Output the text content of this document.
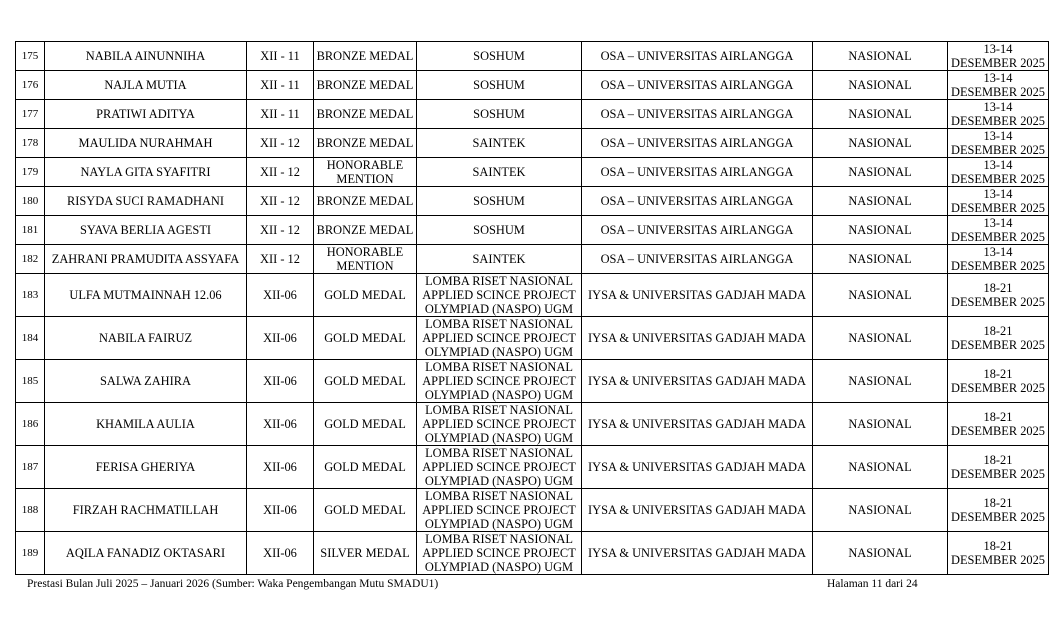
175	NABILA AINUNNIHA	XII - 11	BRONZE MEDAL	SOSHUM	OSA – UNIVERSITAS AIRLANGGA	NASIONAL	13-14 DESEMBER 2025
176	NAJLA MUTIA	XII - 11	BRONZE MEDAL	SOSHUM	OSA – UNIVERSITAS AIRLANGGA	NASIONAL	13-14 DESEMBER 2025
177	PRATIWI ADITYA	XII - 11	BRONZE MEDAL	SOSHUM	OSA – UNIVERSITAS AIRLANGGA	NASIONAL	13-14 DESEMBER 2025
178	MAULIDA NURAHMAH	XII - 12	BRONZE MEDAL	SAINTEK	OSA – UNIVERSITAS AIRLANGGA	NASIONAL	13-14 DESEMBER 2025
179	NAYLA GITA SYAFITRI	XII - 12	HONORABLE MENTION	SAINTEK	OSA – UNIVERSITAS AIRLANGGA	NASIONAL	13-14 DESEMBER 2025
180	RISYDA SUCI RAMADHANI	XII - 12	BRONZE MEDAL	SOSHUM	OSA – UNIVERSITAS AIRLANGGA	NASIONAL	13-14 DESEMBER 2025
181	SYAVA BERLIA AGESTI	XII - 12	BRONZE MEDAL	SOSHUM	OSA – UNIVERSITAS AIRLANGGA	NASIONAL	13-14 DESEMBER 2025
182	ZAHRANI PRAMUDITA ASSYAFA	XII - 12	HONORABLE MENTION	SAINTEK	OSA – UNIVERSITAS AIRLANGGA	NASIONAL	13-14 DESEMBER 2025
183	ULFA MUTMAINNAH 12.06	XII-06	GOLD MEDAL	LOMBA RISET NASIONAL APPLIED SCINCE PROJECT OLYMPIAD (NASPO) UGM	IYSA & UNIVERSITAS GADJAH MADA	NASIONAL	18-21 DESEMBER 2025
184	NABILA FAIRUZ	XII-06	GOLD MEDAL	LOMBA RISET NASIONAL APPLIED SCINCE PROJECT OLYMPIAD (NASPO) UGM	IYSA & UNIVERSITAS GADJAH MADA	NASIONAL	18-21 DESEMBER 2025
185	SALWA ZAHIRA	XII-06	GOLD MEDAL	LOMBA RISET NASIONAL APPLIED SCINCE PROJECT OLYMPIAD (NASPO) UGM	IYSA & UNIVERSITAS GADJAH MADA	NASIONAL	18-21 DESEMBER 2025
186	KHAMILA AULIA	XII-06	GOLD MEDAL	LOMBA RISET NASIONAL APPLIED SCINCE PROJECT OLYMPIAD (NASPO) UGM	IYSA & UNIVERSITAS GADJAH MADA	NASIONAL	18-21 DESEMBER 2025
187	FERISA GHERIYA	XII-06	GOLD MEDAL	LOMBA RISET NASIONAL APPLIED SCINCE PROJECT OLYMPIAD (NASPO) UGM	IYSA & UNIVERSITAS GADJAH MADA	NASIONAL	18-21 DESEMBER 2025
188	FIRZAH RACHMATILLAH	XII-06	GOLD MEDAL	LOMBA RISET NASIONAL APPLIED SCINCE PROJECT OLYMPIAD (NASPO) UGM	IYSA & UNIVERSITAS GADJAH MADA	NASIONAL	18-21 DESEMBER 2025
189	AQILA FANADIZ OKTASARI	XII-06	SILVER MEDAL	LOMBA RISET NASIONAL APPLIED SCINCE PROJECT OLYMPIAD (NASPO) UGM	IYSA & UNIVERSITAS GADJAH MADA	NASIONAL	18-21 DESEMBER 2025
Prestasi Bulan Juli 2025 – Januari 2026 (Sumber: Waka Pengembangan Mutu SMADU1)	Halaman 11 dari 24
